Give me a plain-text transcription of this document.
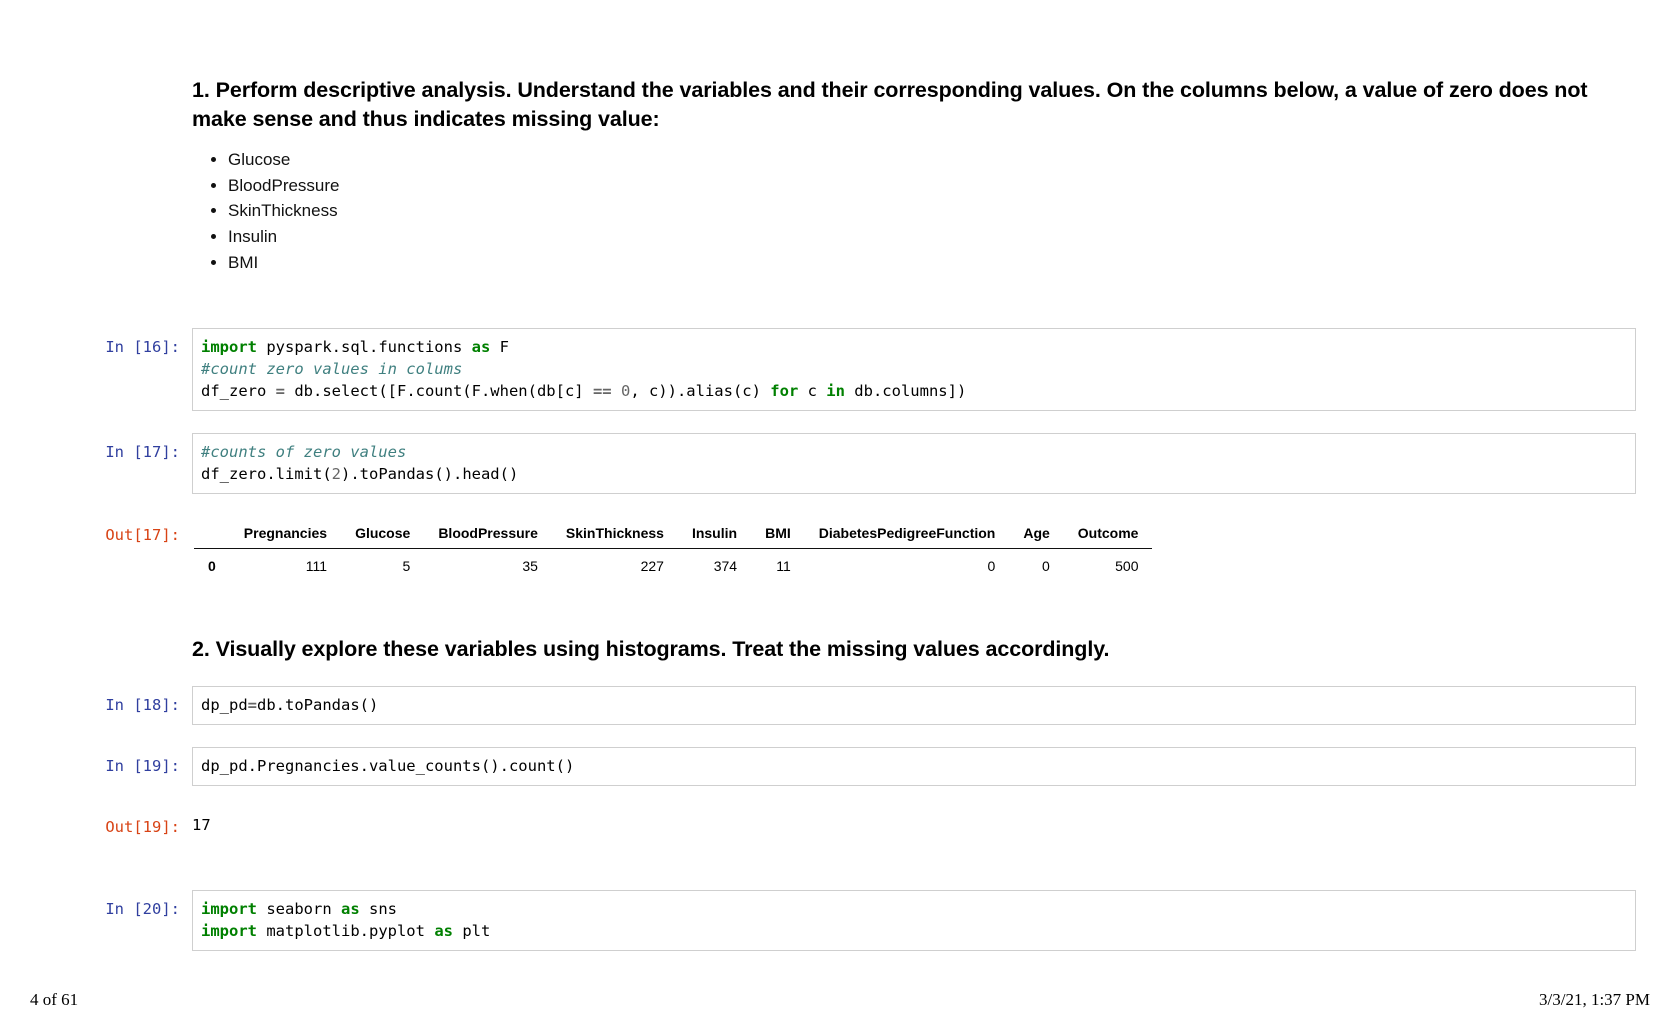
1. Perform descriptive analysis. Understand the variables and their corresponding values. On the columns below, a value of zero does not make sense and thus indicates missing value:
• Glucose
• BloodPressure
• SkinThickness
• Insulin
• BMI
In [16]:	import pyspark.sql.functions as F
#count zero values in colums
df_zero = db.select([F.count(F.when(db[c] == 0, c)).alias(c) for c in db.columns])
In [17]:	#counts of zero values
df_zero.limit(2).toPandas().head()
Out[17]:
		Pregnancies	Glucose	BloodPressure	SkinThickness	Insulin	BMI	DiabetesPedigreeFunction	Age	Outcome
0	111	5	35	227	374	11	0	0	500
2. Visually explore these variables using histograms. Treat the missing values accordingly.
In [18]:	dp_pd=db.toPandas()
In [19]:	dp_pd.Pregnancies.value_counts().count()
Out[19]: 17
In [20]:	import seaborn as sns
import matplotlib.pyplot as plt
4 of 61	3/3/21, 1:37 PM
